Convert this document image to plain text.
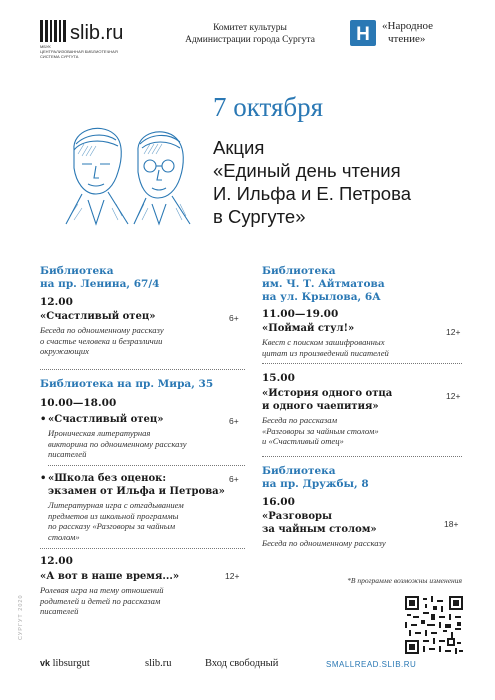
slib.ru
МБУК
ЦЕНТРАЛИЗОВАННАЯ БИБЛИОТЕЧНАЯ
СИСТЕМА СУРГУТА
Комитет культуры
Администрации города Сургута	Н «Народное
чтение»
7 октября
Акция
«Единый день чтения
И. Ильфа и Е. Петрова
в Сургуте»
Библиотека
на пр. Ленина, 67/4
12.00
«Счастливый отец»
Беседа по одноименному рассказу
о счастье человека и безразличии
окружающих
6+
Библиотека на пр. Мира, 35
10.00—18.00
• «Счастливый отец»
Ироническая литературная
викторина по одноименному рассказу
писателей
6+
• «Школа без оценок:
экзамен от Ильфа и Петрова»
Литературная игра с отгадыванием
предметов из школьной программы
по рассказу «Разговоры за чайным
столом»
6+
12.00
«А вот в наше время...»
Ролевая игра на тему отношений
родителей и детей по рассказам
писателей
12+
Библиотека
им. Ч. Т. Айтматова
на ул. Крылова, 6А
11.00—19.00
«Поймай стул!»
Квест с поиском зашифрованных
цитат из произведений писателей
12+
15.00
«История одного отца
и одного чаепития»
Беседа по рассказам
«Разговоры за чайным столом»
и «Счастливый отец»
12+
Библиотека
на пр. Дружбы, 8
16.00
«Разговоры
за чайным столом»
Беседа по одноименному рассказу
18+
*В программе возможны изменения
СУРГУТ 2020
vk libsurgut	slib.ru	Вход свободный	SMALLREAD.SLIB.RU
